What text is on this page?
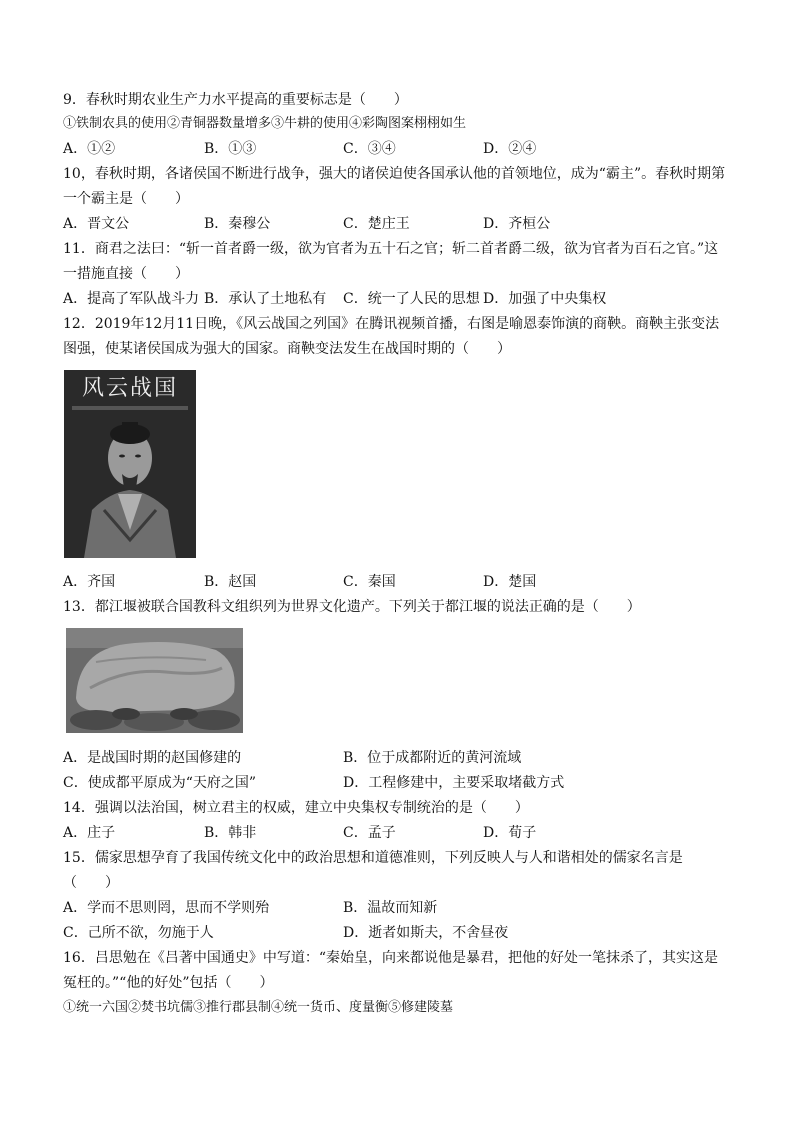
9．春秋时期农业生产力水平提高的重要标志是（　　）
①铁制农具的使用②青铜器数量增多③牛耕的使用④彩陶图案栩栩如生
A．①②	B．①③	C．③④	D．②④
10，春秋时期，各诸侯国不断进行战争，强大的诸侯迫使各国承认他的首领地位，成为“霸主”。春秋时期第
一个霸主是（　　）
A．晋文公	B．秦穆公	C．楚庄王	D．齐桓公
11．商君之法曰：“斩一首者爵一级，欲为官者为五十石之官；斩二首者爵二级，欲为官者为百石之官。”这
一措施直接（　　）
A．提高了军队战斗力 B．承认了土地私有 C．统一了人民的思想 D．加强了中央集权
12．2019年12月11日晚，《风云战国之列国》在腾讯视频首播，右图是喻恩泰饰演的商鞅。商鞅主张变法
图强，使某诸侯国成为强大的国家。商鞅变法发生在战国时期的（　　）
风云战国
A．齐国	B．赵国	C．秦国	D．楚国
13．都江堰被联合国教科文组织列为世界文化遗产。下列关于都江堰的说法正确的是（　　）
A．是战国时期的赵国修建的	B．位于成都附近的黄河流域
C．使成都平原成为“天府之国”	D．工程修建中，主要采取堵截方式
14．强调以法治国，树立君主的权威，建立中央集权专制统治的是（　　）
A．庄子	B．韩非	C．孟子	D．荀子
15．儒家思想孕育了我国传统文化中的政治思想和道德准则，下列反映人与人和谐相处的儒家名言是
（　　）
A．学而不思则罔，思而不学则殆	B．温故而知新
C．己所不欲，勿施于人	D．逝者如斯夫，不舍昼夜
16．吕思勉在《吕著中国通史》中写道：“秦始皇，向来都说他是暴君，把他的好处一笔抹杀了，其实这是
冤枉的。”“他的好处”包括（　　）
①统一六国②焚书坑儒③推行郡县制④统一货币、度量衡⑤修建陵墓
